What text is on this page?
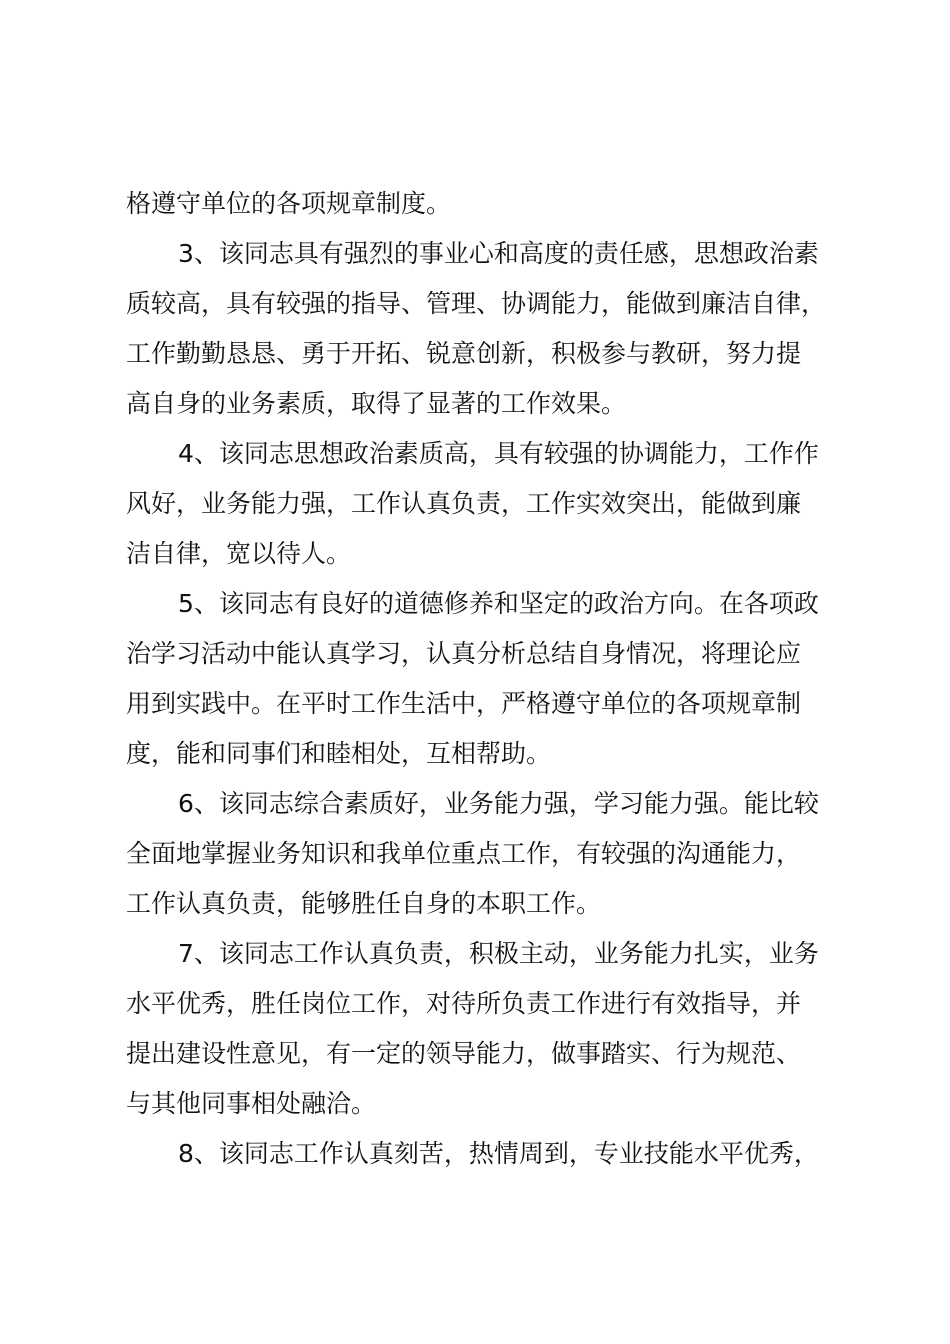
格遵守单位的各项规章制度。
3、该同志具有强烈的事业心和高度的责任感，思想政治素
质较高，具有较强的指导、管理、协调能力，能做到廉洁自律，
工作勤勤恳恳、勇于开拓、锐意创新，积极参与教研，努力提
高自身的业务素质，取得了显著的工作效果。
4、该同志思想政治素质高，具有较强的协调能力，工作作
风好，业务能力强，工作认真负责，工作实效突出，能做到廉
洁自律，宽以待人。
5、该同志有良好的道德修养和坚定的政治方向。在各项政
治学习活动中能认真学习，认真分析总结自身情况，将理论应
用到实践中。在平时工作生活中，严格遵守单位的各项规章制
度，能和同事们和睦相处，互相帮助。
6、该同志综合素质好，业务能力强，学习能力强。能比较
全面地掌握业务知识和我单位重点工作，有较强的沟通能力，
工作认真负责，能够胜任自身的本职工作。
7、该同志工作认真负责，积极主动，业务能力扎实，业务
水平优秀，胜任岗位工作，对待所负责工作进行有效指导，并
提出建设性意见，有一定的领导能力，做事踏实、行为规范、
与其他同事相处融洽。
8、该同志工作认真刻苦，热情周到，专业技能水平优秀，
